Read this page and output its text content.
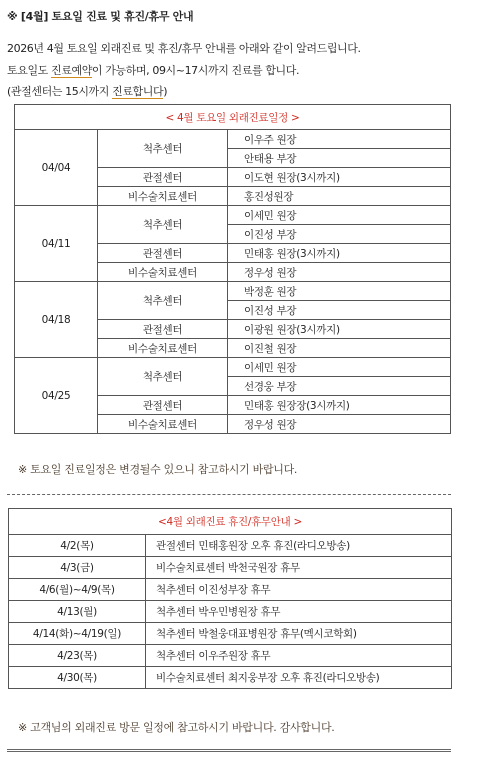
※ [4월] 토요일 진료 및 휴진/휴무 안내
2026년 4월 토요일 외래진료 및 휴진/휴무 안내를 아래와 같이 알려드립니다.
토요일도 진료예약이 가능하며, 09시~17시까지 진료를 합니다.
(관절센터는 15시까지 진료합니다)
< 4월 토요일 외래진료일정 >		
04/04	척추센터	이우주 원장
		안태용 부장
	관절센터	이도현 원장(3시까지)
	비수술치료센터	홍진성원장
04/11	척추센터	이세민 원장
		이진성 부장
	관절센터	민태홍 원장(3시까지)
	비수술치료센터	정우성 원장
04/18	척추센터	박정훈 원장
		이진성 부장
	관절센터	이광원 원장(3시까지)
	비수술치료센터	이진철 원장
04/25	척추센터	이세민 원장
		선경웅 부장
	관절센터	민태홍 원장장(3시까지)
	비수술치료센터	정우성 원장
※ 토요일 진료일정은 변경될수 있으니 참고하시기 바랍니다.
<4월 외래진료 휴진/휴무안내 >	
4/2(목)	관절센터 민태홍원장 오후 휴진(라디오방송)
4/3(금)	비수술치료센터 박천국원장 휴무
4/6(월)~4/9(목)	척추센터 이진성부장 휴무
4/13(월)	척추센터 박우민병원장 휴무
4/14(화)~4/19(일)	척추센터 박철웅대표병원장 휴무(멕시코학회)
4/23(목)	척추센터 이우주원장 휴무
4/30(목)	비수술치료센터 최지웅부장 오후 휴진(라디오방송)
※ 고객님의 외래진료 방문 일정에 참고하시기 바랍니다. 감사합니다.
